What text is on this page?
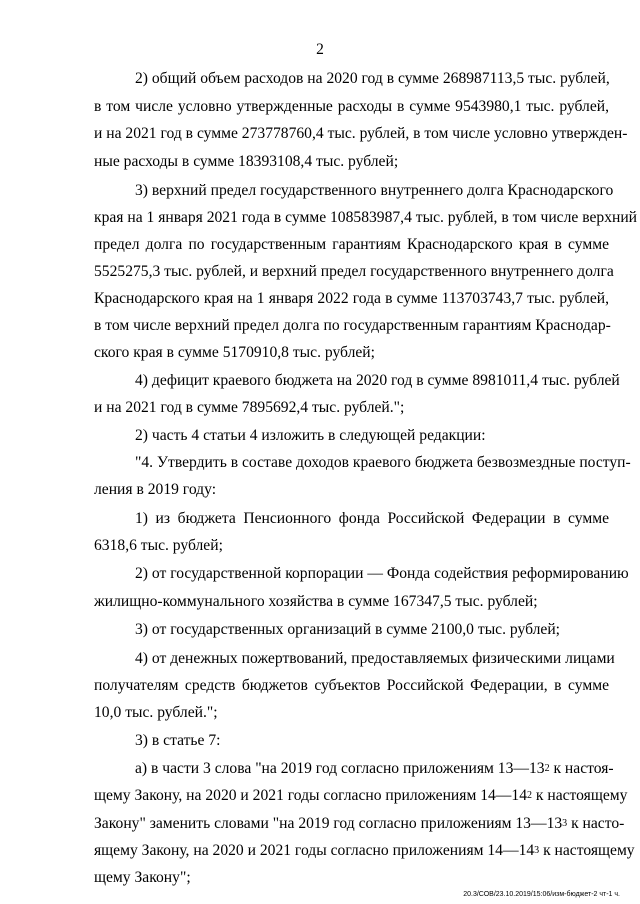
2
2) общий объем расходов на 2020 год в сумме 268987113,5 тыс. рублей,
в том числе условно утвержденные расходы в сумме 9543980,1 тыс. рублей,
и на 2021 год в сумме 273778760,4 тыс. рублей, в том числе условно утвержден-
ные расходы в сумме 18393108,4 тыс. рублей;
3) верхний предел государственного внутреннего долга Краснодарского
края на 1 января 2021 года в сумме 108583987,4 тыс. рублей, в том числе верхний
предел долга по государственным гарантиям Краснодарского края в сумме
5525275,3 тыс. рублей, и верхний предел государственного внутреннего долга
Краснодарского края на 1 января 2022 года в сумме 113703743,7 тыс. рублей,
в том числе верхний предел долга по государственным гарантиям Краснодар-
ского края в сумме 5170910,8 тыс. рублей;
4) дефицит краевого бюджета на 2020 год в сумме 8981011,4 тыс. рублей
и на 2021 год в сумме 7895692,4 тыс. рублей.";
2) часть 4 статьи 4 изложить в следующей редакции:
"4. Утвердить в составе доходов краевого бюджета безвозмездные поступ-
ления в 2019 году:
1) из бюджета Пенсионного фонда Российской Федерации в сумме
6318,6 тыс. рублей;
2) от государственной корпорации — Фонда содействия реформированию
жилищно-коммунального хозяйства в сумме 167347,5 тыс. рублей;
3) от государственных организаций в сумме 2100,0 тыс. рублей;
4) от денежных пожертвований, предоставляемых физическими лицами
получателям средств бюджетов субъектов Российской Федерации, в сумме
10,0 тыс. рублей.";
3) в статье 7:
а) в части 3 слова "на 2019 год согласно приложениям $13—13^2$ к настоя-
щему Закону, на 2020 и 2021 годы согласно приложениям $14—14^2$ к настоящему
Закону" заменить словами "на 2019 год согласно приложениям $13—13^3$ к насто-
ящему Закону, на 2020 и 2021 годы согласно приложениям $14—14^3$ к настоящему
щему Закону";
20.3/СОВ/23.10.2019/15:06/изм-бюджет-2 чт-1 ч.
